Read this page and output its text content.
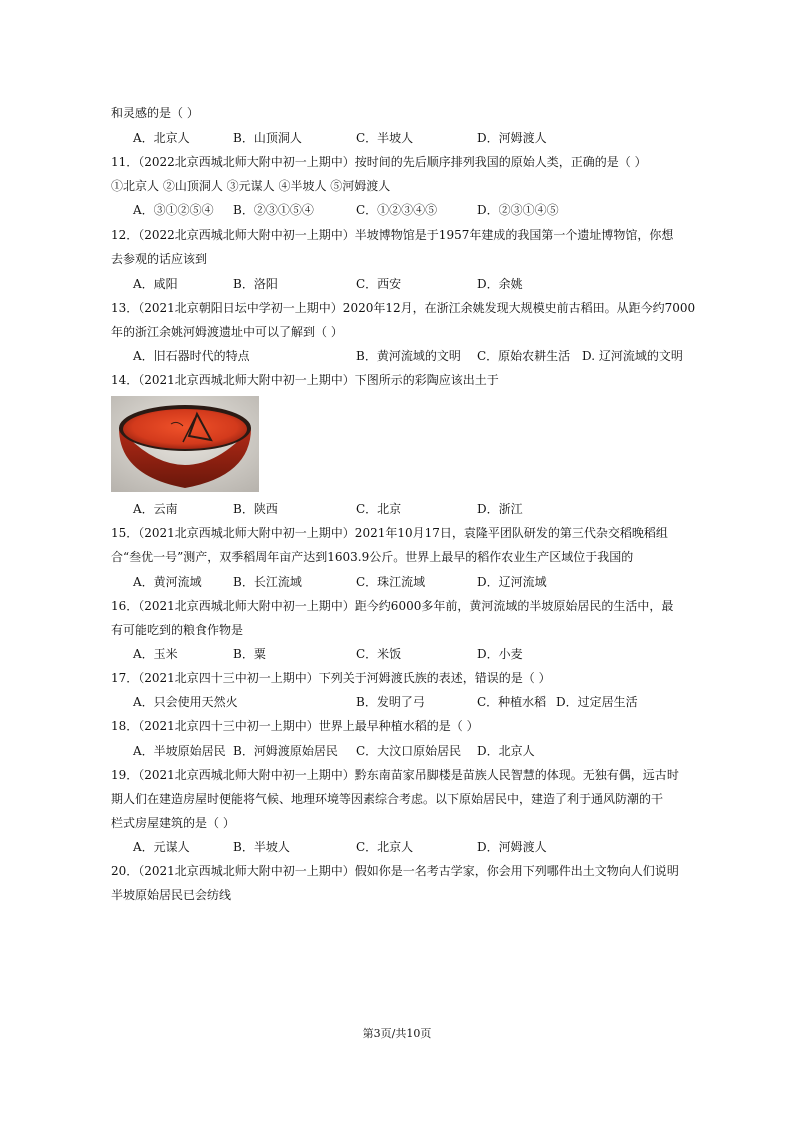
和灵感的是（ ）
A．北京人	B．山顶洞人	C．半坡人	D．河姆渡人
11．（2022北京西城北师大附中初一上期中）按时间的先后顺序排列我国的原始人类，正确的是（ ）
①北京人 ②山顶洞人 ③元谋人 ④半坡人 ⑤河姆渡人
A．③①②⑤④ B．②③①⑤④	C．①②③④⑤	D．②③①④⑤
12．（2022北京西城北师大附中初一上期中）半坡博物馆是于1957年建成的我国第一个遗址博物馆，你想
去参观的话应该到
A．咸阳	B．洛阳	C．西安	D．余姚
13．（2021北京朝阳日坛中学初一上期中）2020年12月，在浙江余姚发现大规模史前古稻田。从距今约7000
年的浙江余姚河姆渡遗址中可以了解到（ ）
A．旧石器时代的特点	B．黄河流域的文明 C．原始农耕生活 D. 辽河流域的文明
14．（2021北京西城北师大附中初一上期中）下图所示的彩陶应该出土于
A．云南	B．陕西	C．北京	D．浙江
15．（2021北京西城北师大附中初一上期中）2021年10月17日，袁隆平团队研发的第三代杂交稻晚稻组
合“叁优一号”测产，双季稻周年亩产达到1603.9公斤。世界上最早的稻作农业生产区域位于我国的
A．黄河流域	B．长江流域	C．珠江流域	D．辽河流域
16．（2021北京西城北师大附中初一上期中）距今约6000多年前，黄河流域的半坡原始居民的生活中，最
有可能吃到的粮食作物是
A．玉米	B．粟	C．米饭	D．小麦
17．（2021北京四十三中初一上期中）下列关于河姆渡氏族的表述，错误的是（ ）
A．只会使用天然火	B．发明了弓	C．种植水稻 D．过定居生活
18．（2021北京四十三中初一上期中）世界上最早种植水稻的是（ ）
A．半坡原始居民 B．河姆渡原始居民 C．大汶口原始居民 D．北京人
19．（2021北京西城北师大附中初一上期中）黔东南苗家吊脚楼是苗族人民智慧的体现。无独有偶，远古时
期人们在建造房屋时便能将气候、地理环境等因素综合考虑。以下原始居民中，建造了利于通风防潮的干
栏式房屋建筑的是（ ）
A．元谋人	B．半坡人	C．北京人	D．河姆渡人
20．（2021北京西城北师大附中初一上期中）假如你是一名考古学家，你会用下列哪件出土文物向人们说明
半坡原始居民已会纺线
第3页/共10页
